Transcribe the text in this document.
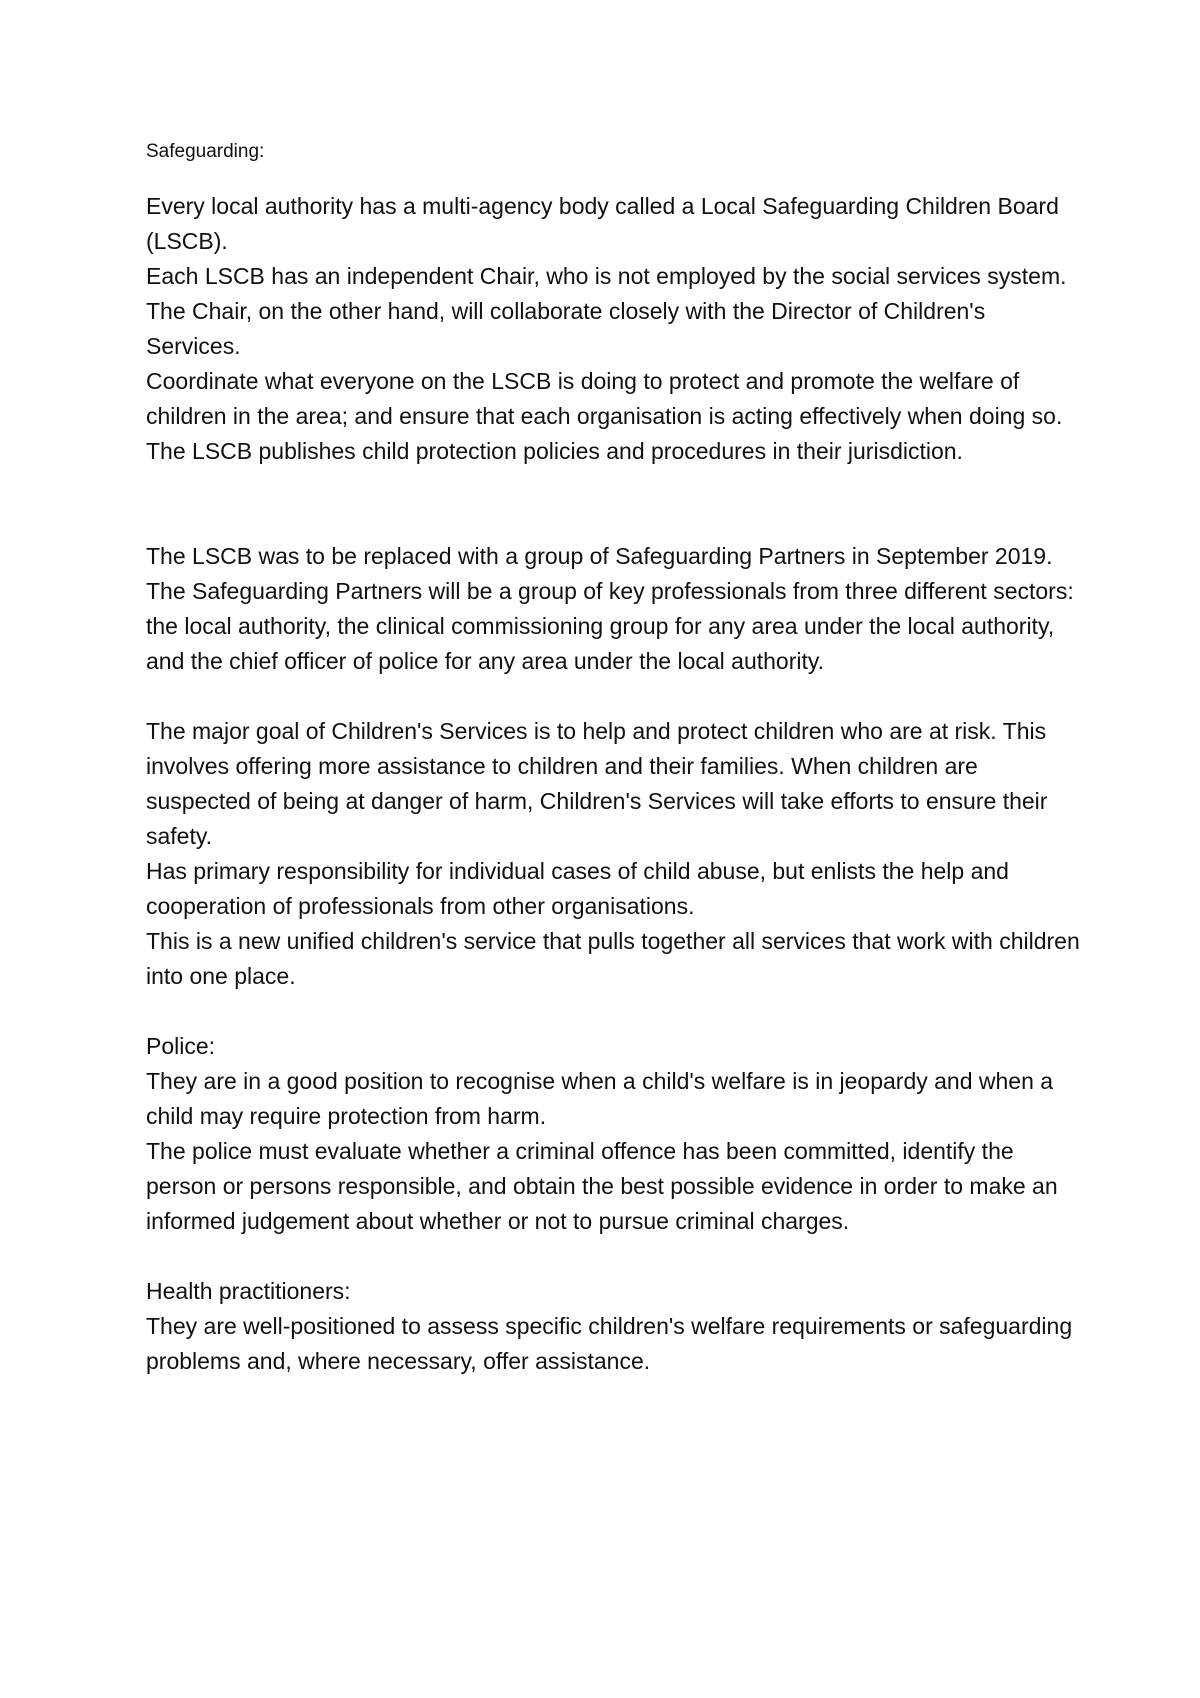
Safeguarding:

Every local authority has a multi-agency body called a Local Safeguarding Children Board (LSCB).

Each LSCB has an independent Chair, who is not employed by the social services system. The Chair, on the other hand, will collaborate closely with the Director of Children's Services.

Coordinate what everyone on the LSCB is doing to protect and promote the welfare of children in the area; and ensure that each organisation is acting effectively when doing so.

The LSCB publishes child protection policies and procedures in their jurisdiction.

The LSCB was to be replaced with a group of Safeguarding Partners in September 2019.

The Safeguarding Partners will be a group of key professionals from three different sectors: the local authority, the clinical commissioning group for any area under the local authority, and the chief officer of police for any area under the local authority.

The major goal of Children's Services is to help and protect children who are at risk. This involves offering more assistance to children and their families. When children are suspected of being at danger of harm, Children's Services will take efforts to ensure their safety.

Has primary responsibility for individual cases of child abuse, but enlists the help and cooperation of professionals from other organisations.

This is a new unified children's service that pulls together all services that work with children into one place.

Police:

They are in a good position to recognise when a child's welfare is in jeopardy and when a child may require protection from harm.

The police must evaluate whether a criminal offence has been committed, identify the person or persons responsible, and obtain the best possible evidence in order to make an informed judgement about whether or not to pursue criminal charges.

Health practitioners:

They are well-positioned to assess specific children's welfare requirements or safeguarding problems and, where necessary, offer assistance.
